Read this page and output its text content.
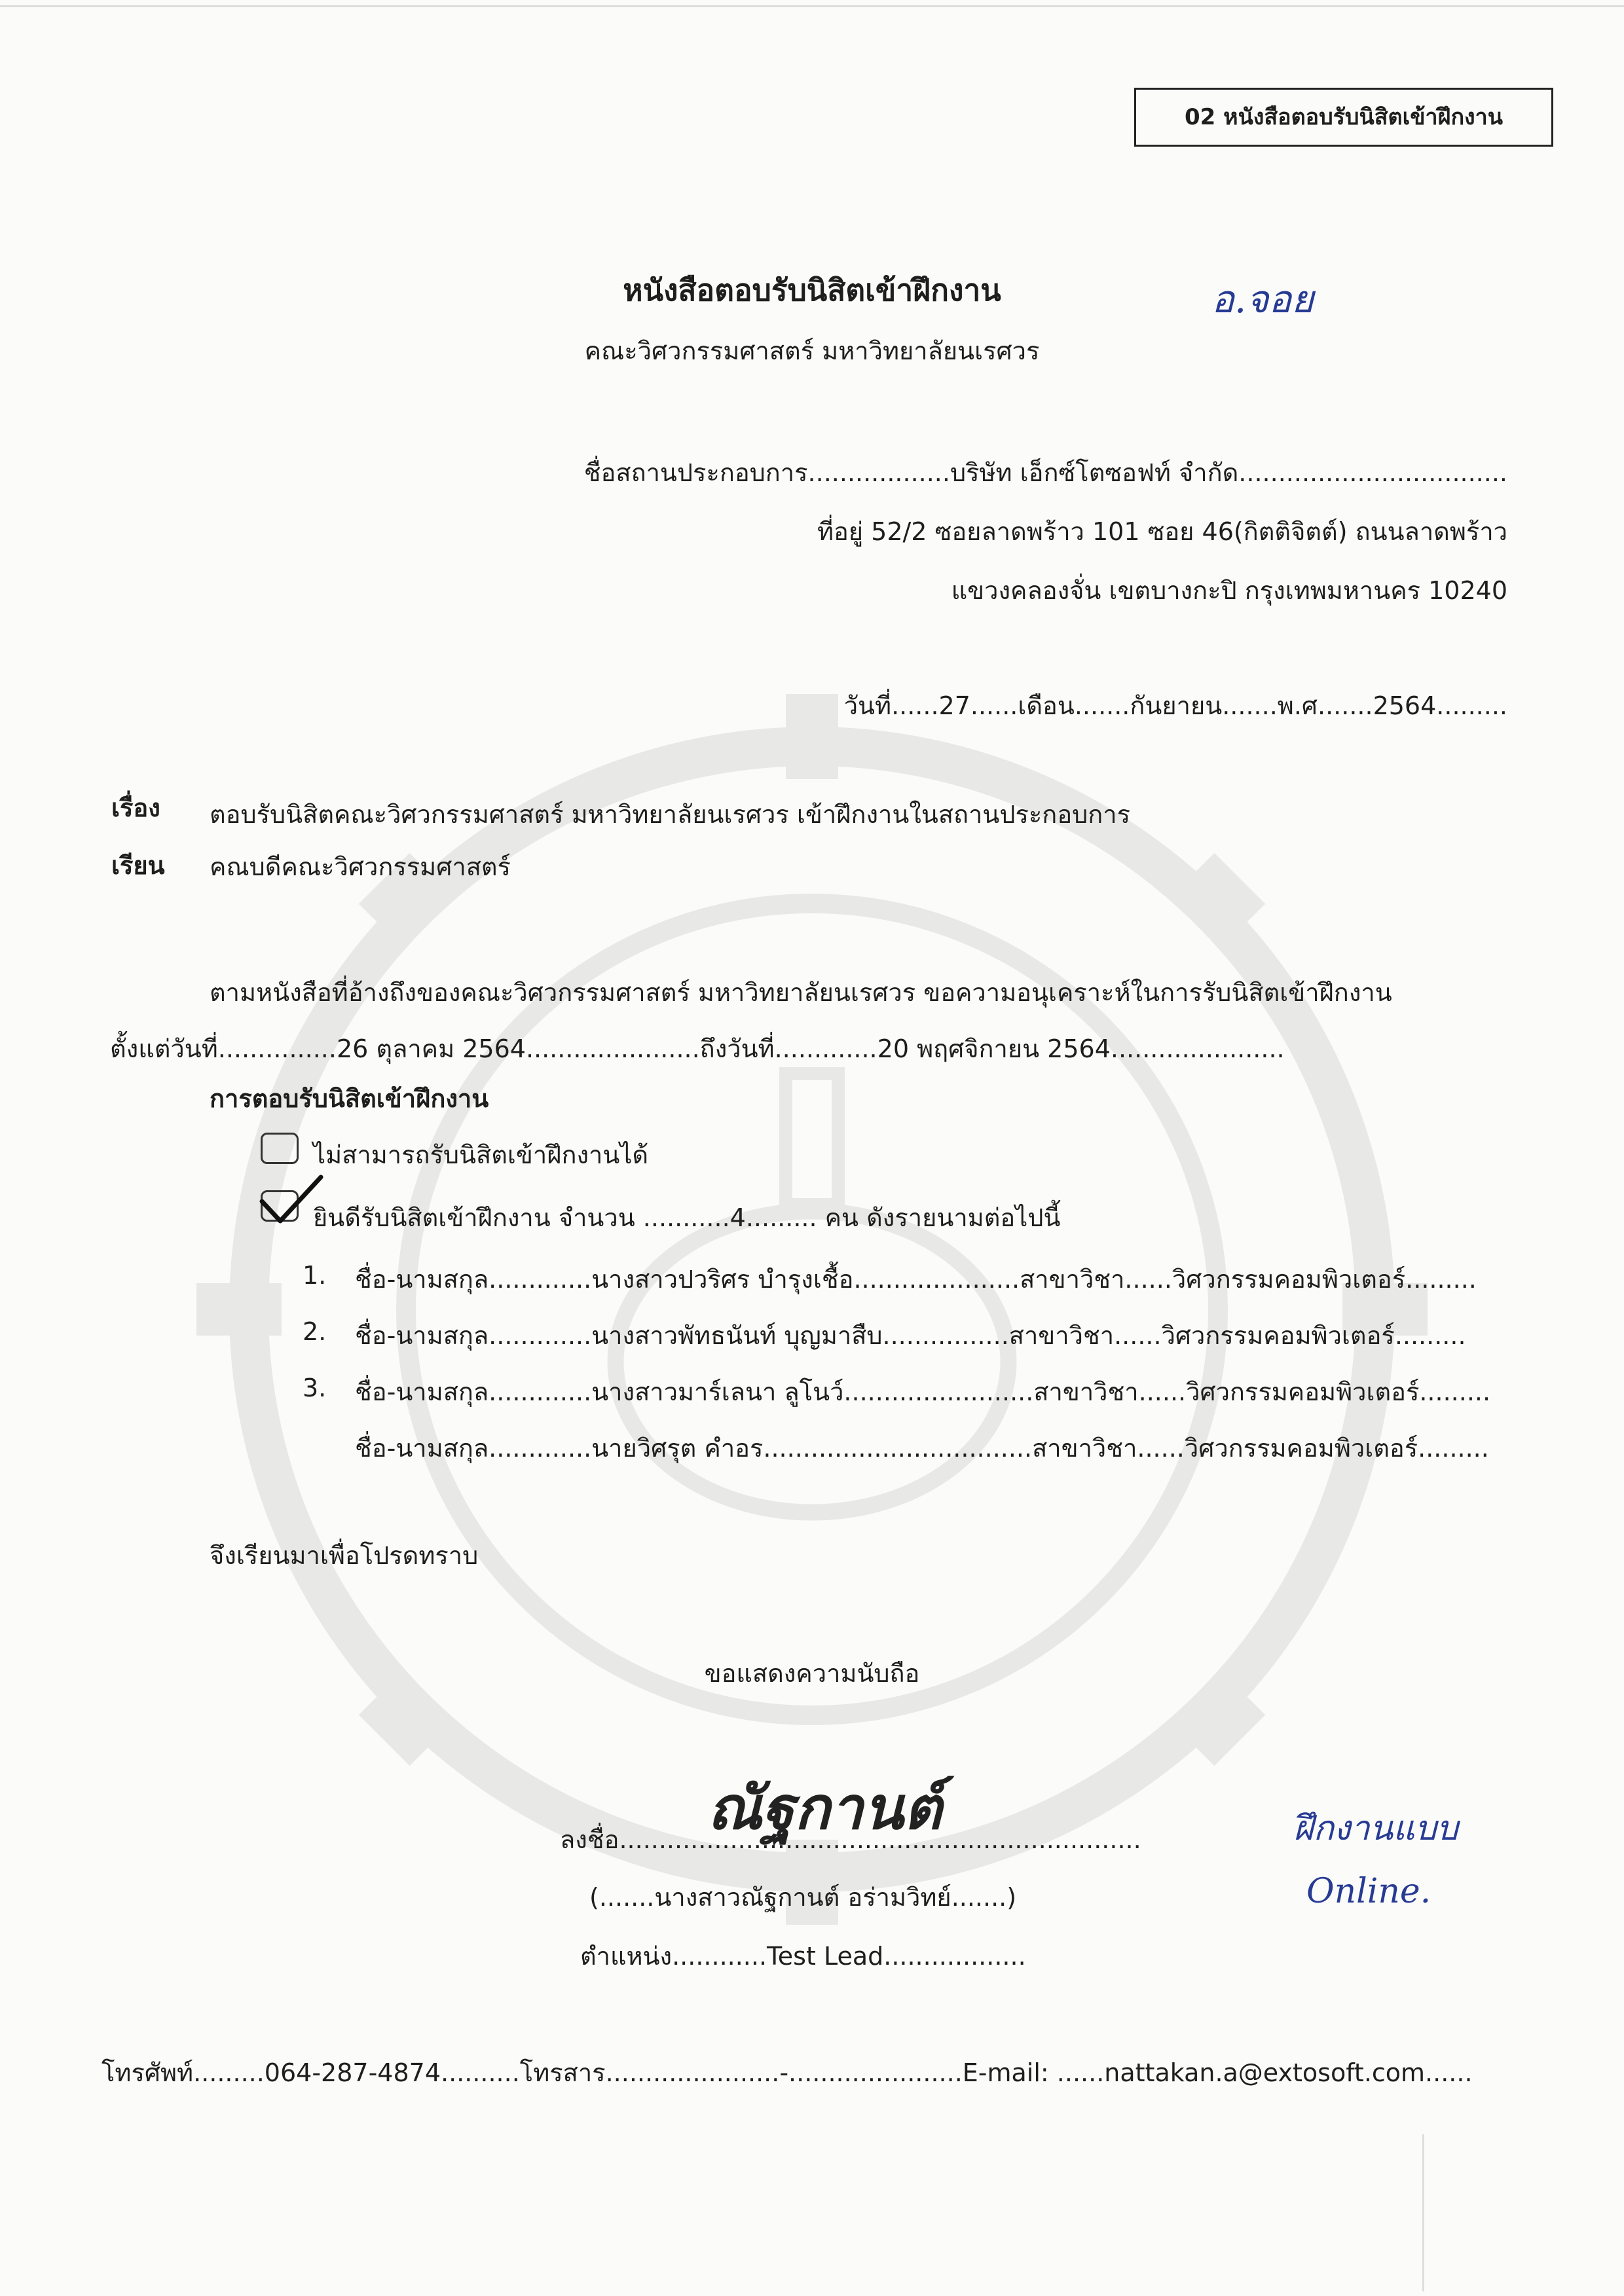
02 หนังสือตอบรับนิสิตเข้าฝึกงาน
อ.จอย
หนังสือตอบรับนิสิตเข้าฝึกงาน
คณะวิศวกรรมศาสตร์ มหาวิทยาลัยนเรศวร
ชื่อสถานประกอบการ..................บริษัท เอ็กซ์โตซอฟท์ จำกัด..................................
ที่อยู่ 52/2 ซอยลาดพร้าว 101 ซอย 46(กิตติจิตต์) ถนนลาดพร้าว
แขวงคลองจั่น เขตบางกะปิ กรุงเทพมหานคร 10240
วันที่......27......เดือน.......กันยายน.......พ.ศ.......2564.........
เรื่อง ตอบรับนิสิตคณะวิศวกรรมศาสตร์ มหาวิทยาลัยนเรศวร เข้าฝึกงานในสถานประกอบการ
เรียน คณบดีคณะวิศวกรรมศาสตร์
ตามหนังสือที่อ้างถึงของคณะวิศวกรรมศาสตร์ มหาวิทยาลัยนเรศวร ขอความอนุเคราะห์ในการรับนิสิตเข้าฝึกงาน
ตั้งแต่วันที่...............26 ตุลาคม 2564......................ถึงวันที่.............20 พฤศจิกายน 2564......................
การตอบรับนิสิตเข้าฝึกงาน
ไม่สามารถรับนิสิตเข้าฝึกงานได้
ยินดีรับนิสิตเข้าฝึกงาน จำนวน ...........4......... คน ดังรายนามต่อไปนี้
1. ชื่อ-นามสกุล.............นางสาวปวริศร บำรุงเชื้อ.....................สาขาวิชา......วิศวกรรมคอมพิวเตอร์.........
2. ชื่อ-นามสกุล.............นางสาวพัทธนันท์ บุญมาสืบ................สาขาวิชา......วิศวกรรมคอมพิวเตอร์.........
3. ชื่อ-นามสกุล.............นางสาวมาร์เลนา ลูโนว์........................สาขาวิชา......วิศวกรรมคอมพิวเตอร์.........
ชื่อ-นามสกุล.............นายวิศรุต คำอร..................................สาขาวิชา......วิศวกรรมคอมพิวเตอร์.........
จึงเรียนมาเพื่อโปรดทราบ
ขอแสดงความนับถือ
ณัฐกานต์
ลงชื่อ..................................................................
(.......นางสาวณัฐกานต์ อร่ามวิทย์.......)
ตำแหน่ง............Test Lead..................
ฝึกงานแบบ
Online.
โทรศัพท์.........064-287-4874..........โทรสาร......................-......................E-mail: ......nattakan.a@extosoft.com......
